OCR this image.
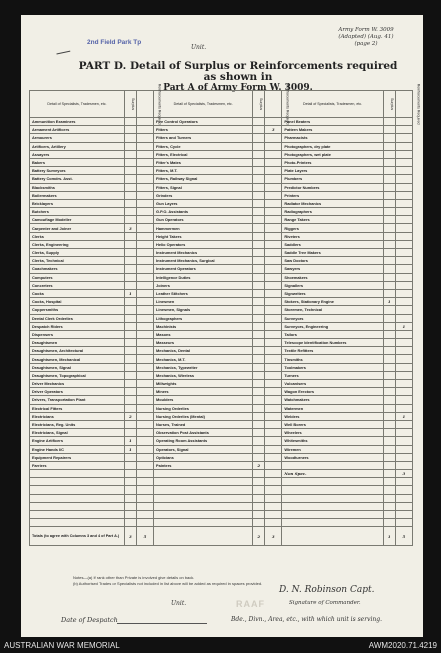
2nd Field Park Tp
Unit.
Army Form W. 3009
(Adapted) (Aug. 41)
(page 2)
PART D. Detail of Surplus or Reinforcements required as shown in
Part A of Army Form W. 3009.
Detail of Specialists, Tradesmen, etc.	Surplus	Reinforcements Required	Detail of Specialists, Tradesmen, etc.	Surplus	Reinforcements Required	Detail of Specialists, Tradesmen, etc.	Surplus	Reinforcements Required
Ammunition Examiners			Fire Control Operators			Panel Beaters		
Armament Artificers			Fitters		3	Pattern Makers		
Armourers			Fitters and Turners			Pharmacists		
Artificers, Artillery			Fitters, Cycle			Photographers, dry plate		
Assayers			Fitters, Electrical			Photographers, wet plate		
Bakers			Fitter's Mates			Photo-Printers		
Battery Surveyors			Fitters, M.T.			Plate Layers		
Battery Comdrs. Asst.			Fitters, Railway Signal			Plumbers		
Blacksmiths			Fitters, Signal			Predictor Numbers		
Boilermakers			Grinders			Printers		
Bricklayers			Gun Layers			Radiator Mechanics		
Butchers			G.P.O. Assistants			Radiographers		
Camouflage Modeller			Gun Operators			Range Takers		
Carpenter and Joiner	3		Hammermen			Riggers		
Clerks			Height Takers			Riveters		
Clerks, Engineering			Helio Operators			Saddlers		
Clerks, Supply			Instrument Mechanics			Saddle Tree Makers		
Clerks, Technical			Instrument Mechanics, Surgical			Saw Doctors		
Coachmakers			Instrument Operators			Sawyers		
Computers			Intelligence Duties			Shoemakers		
Concreters			Joiners			Signallers		
Cooks	1		Leather Stitchers			Signwriters		
Cooks, Hospital			Linesmen			Stokers, Stationary Engine	1	
Coppersmiths			Linesmen, Signals			Storemen, Technical		
Dental Clerk Orderlies			Lithographers			Surveyors		
Despatch Riders			Machinists			Surveyors, Engineering		1
Dispensers			Masons			Tailors		
Draughtsmen			Masseurs			Telescope Identification Numbers		
Draughtsmen, Architectural			Mechanics, Dental			Textile Refitters		
Draughtsmen, Mechanical			Mechanics, M.T.			Tinsmiths		
Draughtsmen, Signal			Mechanics, Typewriter			Toolmakers		
Draughtsmen, Topographical			Mechanics, Wireless			Turners		
Driver Mechanics			Millwrights			Vulcanisers		
Driver Operators			Miners			Wagon Erectors		
Drivers, Transportation Plant			Moulders			Watchmakers		
Electrical Fitters			Nursing Orderlies			Watermen		
Electricians	2		Nursing Orderlies (Mental)			Welders		1
Electricians, Reg. Units			Nurses, Trained			Well Borers		
Electricians, Signal			Observation Post Assistants			Wheelers		
Engine Artificers	1		Operating Room Assistants			Whitesmiths		
Engine Hands I/C	1		Operators, Signal			Wiremen		
Equipment Repairers			Opticians			Woodturners		
Farriers			Painters	2				
						Non Spec.		3

Totals (to agree with Columns 3 and 4 of Part A.)	3	5		2	3		1	5
Notes—(a) If rank other than Private is involved give details on back.
(b) Authorised Trades or Specialists not included in list above will be added as required in spaces provided.
D. N. Robinson Capt.
RAAF
Unit.	Signature of Commander.
Date of Despatch	Bde., Divn., Area, etc., with which unit is serving.
AUSTRALIAN WAR MEMORIAL	AWM2020.71.4219
